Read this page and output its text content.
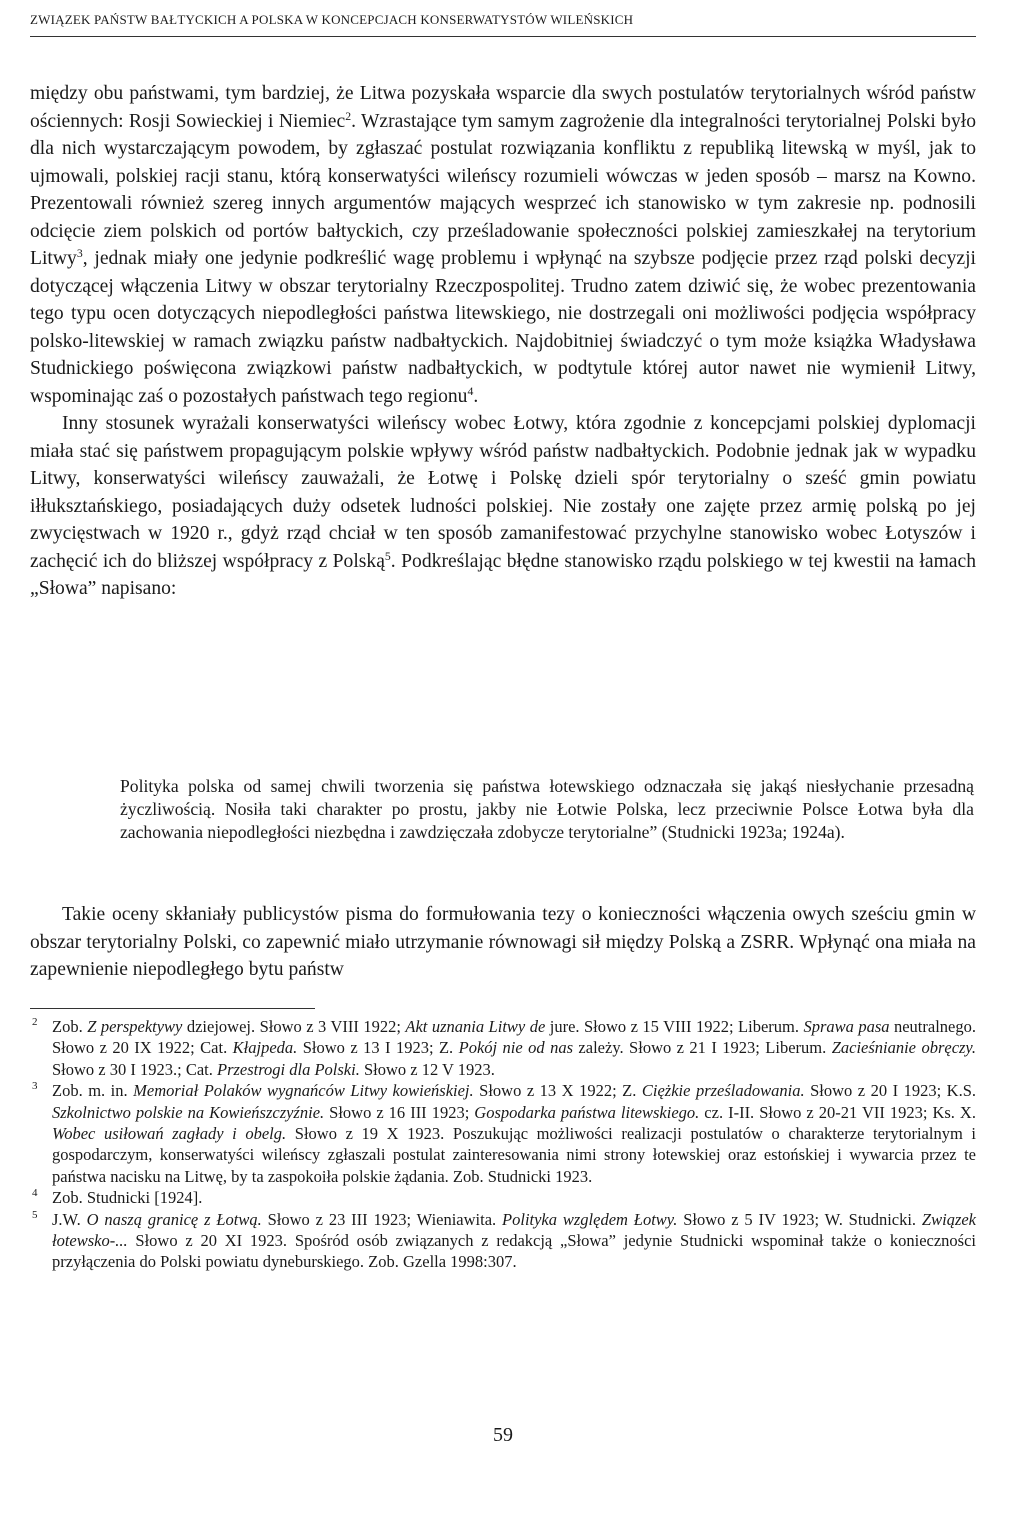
ZWIĄZEK PAŃSTW BAŁTYCKICH A POLSKA W KONCEPCJACH KONSERWATYSTÓW WILEŃSKICH

między obu państwami, tym bardziej, że Litwa pozyskała wsparcie dla swych postulatów terytorialnych wśród państw ościennych: Rosji Sowieckiej i Niemiec$^2$. Wzrastające tym samym zagrożenie dla integralności terytorialnej Polski było dla nich wystarczającym powodem, by zgłaszać postulat rozwiązania konfliktu z republiką litewską w myśl, jak to ujmowali, polskiej racji stanu, którą konserwatyści wileńscy rozumieli wówczas w jeden sposób – marsz na Kowno. Prezentowali również szereg innych argumentów mających wesprzeć ich stanowisko w tym zakresie np. podnosili odcięcie ziem polskich od portów bałtyckich, czy prześladowanie społeczności polskiej zamieszkałej na terytorium Litwy$^3$, jednak miały one jedynie podkreślić wagę problemu i wpłynąć na szybsze podjęcie przez rząd polski decyzji dotyczącej włączenia Litwy w obszar terytorialny Rzeczpospolitej. Trudno zatem dziwić się, że wobec prezentowania tego typu ocen dotyczących niepodległości państwa litewskiego, nie dostrzegali oni możliwości podjęcia współpracy polsko-litewskiej w ramach związku państw nadbałtyckich. Najdobitniej świadczyć o tym może książka Władysława Studnickiego poświęcona związkowi państw nadbałtyckich, w podtytule której autor nawet nie wymienił Litwy, wspominając zaś o pozostałych państwach tego regionu$^4$.

Inny stosunek wyrażali konserwatyści wileńscy wobec Łotwy, która zgodnie z koncepcjami polskiej dyplomacji miała stać się państwem propagującym polskie wpływy wśród państw nadbałtyckich. Podobnie jednak jak w wypadku Litwy, konserwatyści wileńscy zauważali, że Łotwę i Polskę dzieli spór terytorialny o sześć gmin powiatu iłłuksztańskiego, posiadających duży odsetek ludności polskiej. Nie zostały one zajęte przez armię polską po jej zwycięstwach w 1920 r., gdyż rząd chciał w ten sposób zamanifestować przychylne stanowisko wobec Łotyszów i zachęcić ich do bliższej współpracy z Polską$^5$. Podkreślając błędne stanowisko rządu polskiego w tej kwestii na łamach „Słowa” napisano:

Polityka polska od samej chwili tworzenia się państwa łotewskiego odznaczała się jakąś niesłychanie przesadną życzliwością. Nosiła taki charakter po prostu, jakby nie Łotwie Polska, lecz przeciwnie Polsce Łotwa była dla zachowania niepodległości niezbędna i zawdzięczała zdobycze terytorialne” (Studnicki 1923a; 1924a).

Takie oceny skłaniały publicystów pisma do formułowania tezy o konieczności włączenia owych sześciu gmin w obszar terytorialny Polski, co zapewnić miało utrzymanie równowagi sił między Polską a ZSRR. Wpłynąć ona miała na zapewnienie niepodległego bytu państw

2 Zob. Z perspektywy dziejowej. Słowo z 3 VIII 1922; Akt uznania Litwy de jure. Słowo z 15 VIII 1922; Liberum. Sprawa pasa neutralnego. Słowo z 20 IX 1922; Cat. Kłajpeda. Słowo z 13 I 1923; Z. Pokój nie od nas zależy. Słowo z 21 I 1923; Liberum. Zacieśnianie obręczy. Słowo z 30 I 1923.; Cat. Przestrogi dla Polski. Słowo z 12 V 1923.
3 Zob. m. in. Memoriał Polaków wygnańców Litwy kowieńskiej. Słowo z 13 X 1922; Z. Ciężkie prześladowania. Słowo z 20 I 1923; K.S. Szkolnictwo polskie na Kowieńszczyźnie. Słowo z 16 III 1923; Gospodarka państwa litewskiego. cz. I-II. Słowo z 20-21 VII 1923; Ks. X. Wobec usiłowań zagłady i obelg. Słowo z 19 X 1923. Poszukując możliwości realizacji postulatów o charakterze terytorialnym i gospodarczym, konserwatyści wileńscy zgłaszali postulat zainteresowania nimi strony łotewskiej oraz estońskiej i wywarcia przez te państwa nacisku na Litwę, by ta zaspokoiła polskie żądania. Zob. Studnicki 1923.
4 Zob. Studnicki [1924].
5 J.W. O naszą granicę z Łotwą. Słowo z 23 III 1923; Wieniawita. Polityka względem Łotwy. Słowo z 5 IV 1923; W. Studnicki. Związek łotewsko-... Słowo z 20 XI 1923. Spośród osób związanych z redakcją „Słowa” jedynie Studnicki wspominał także o konieczności przyłączenia do Polski powiatu dyneburskiego. Zob. Gzella 1998:307.
59
